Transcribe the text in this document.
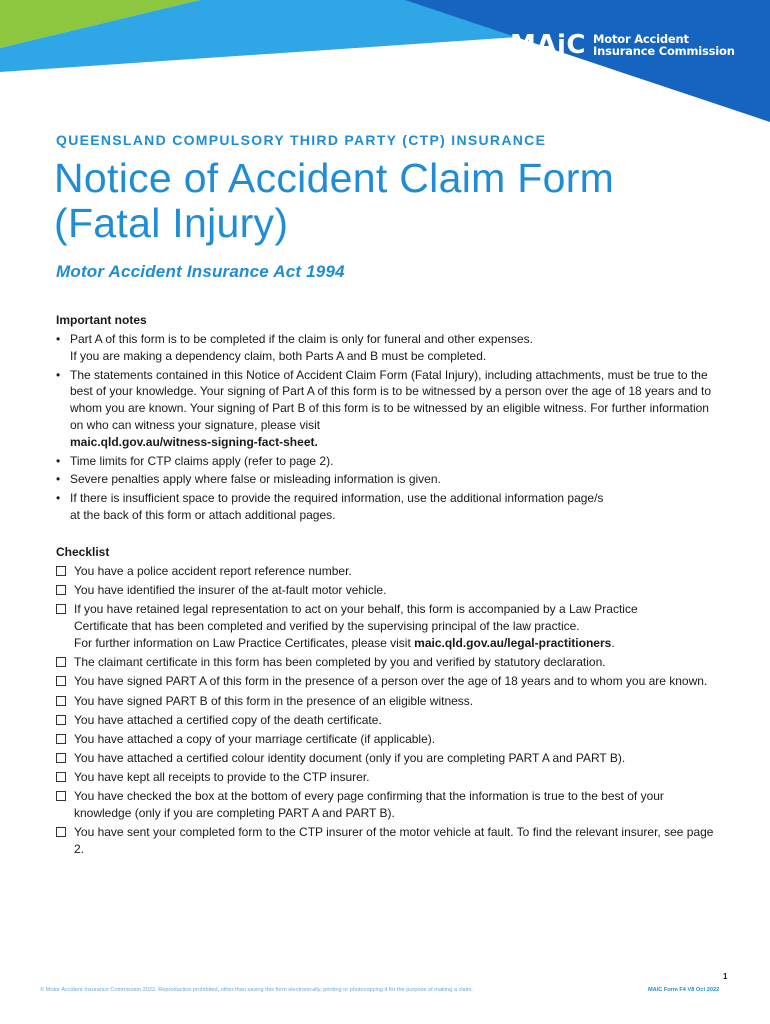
MAiC Motor Accident
Insurance Commission
QUEENSLAND COMPULSORY THIRD PARTY (CTP) INSURANCE
Notice of Accident Claim Form
(Fatal Injury)
Motor Accident Insurance Act 1994
Important notes
• Part A of this form is to be completed if the claim is only for funeral and other expenses.
If you are making a dependency claim, both Parts A and B must be completed.
• The statements contained in this Notice of Accident Claim Form (Fatal Injury), including attachments, must be true to the best of your knowledge. Your signing of Part A of this form is to be witnessed by a person over the age of 18 years and to whom you are known. Your signing of Part B of this form is to be witnessed by an eligible witness. For further information on who can witness your signature, please visit
maic.qld.gov.au/witness-signing-fact-sheet.
• Time limits for CTP claims apply (refer to page 2).
• Severe penalties apply where false or misleading information is given.
• If there is insufficient space to provide the required information, use the additional information page/s
at the back of this form or attach additional pages.
Checklist
You have a police accident report reference number.
You have identified the insurer of the at-fault motor vehicle.
If you have retained legal representation to act on your behalf, this form is accompanied by a Law Practice
Certificate that has been completed and verified by the supervising principal of the law practice.
For further information on Law Practice Certificates, please visit maic.qld.gov.au/legal-practitioners.
The claimant certificate in this form has been completed by you and verified by statutory declaration.
You have signed PART A of this form in the presence of a person over the age of 18 years and to whom you are known.
You have signed PART B of this form in the presence of an eligible witness.
You have attached a certified copy of the death certificate.
You have attached a copy of your marriage certificate (if applicable).
You have attached a certified colour identity document (only if you are completing PART A and PART B).
You have kept all receipts to provide to the CTP insurer.
You have checked the box at the bottom of every page confirming that the information is true to the best of your knowledge (only if you are completing PART A and PART B).
You have sent your completed form to the CTP insurer of the motor vehicle at fault. To find the relevant insurer, see page 2.
1
© Motor Accident Insurance Commission 2022. Reproduction prohibited, other than saving this form electronically, printing or photocopying it for the purpose of making a claim.	MAIC Form F4 V8 Oct 2022
